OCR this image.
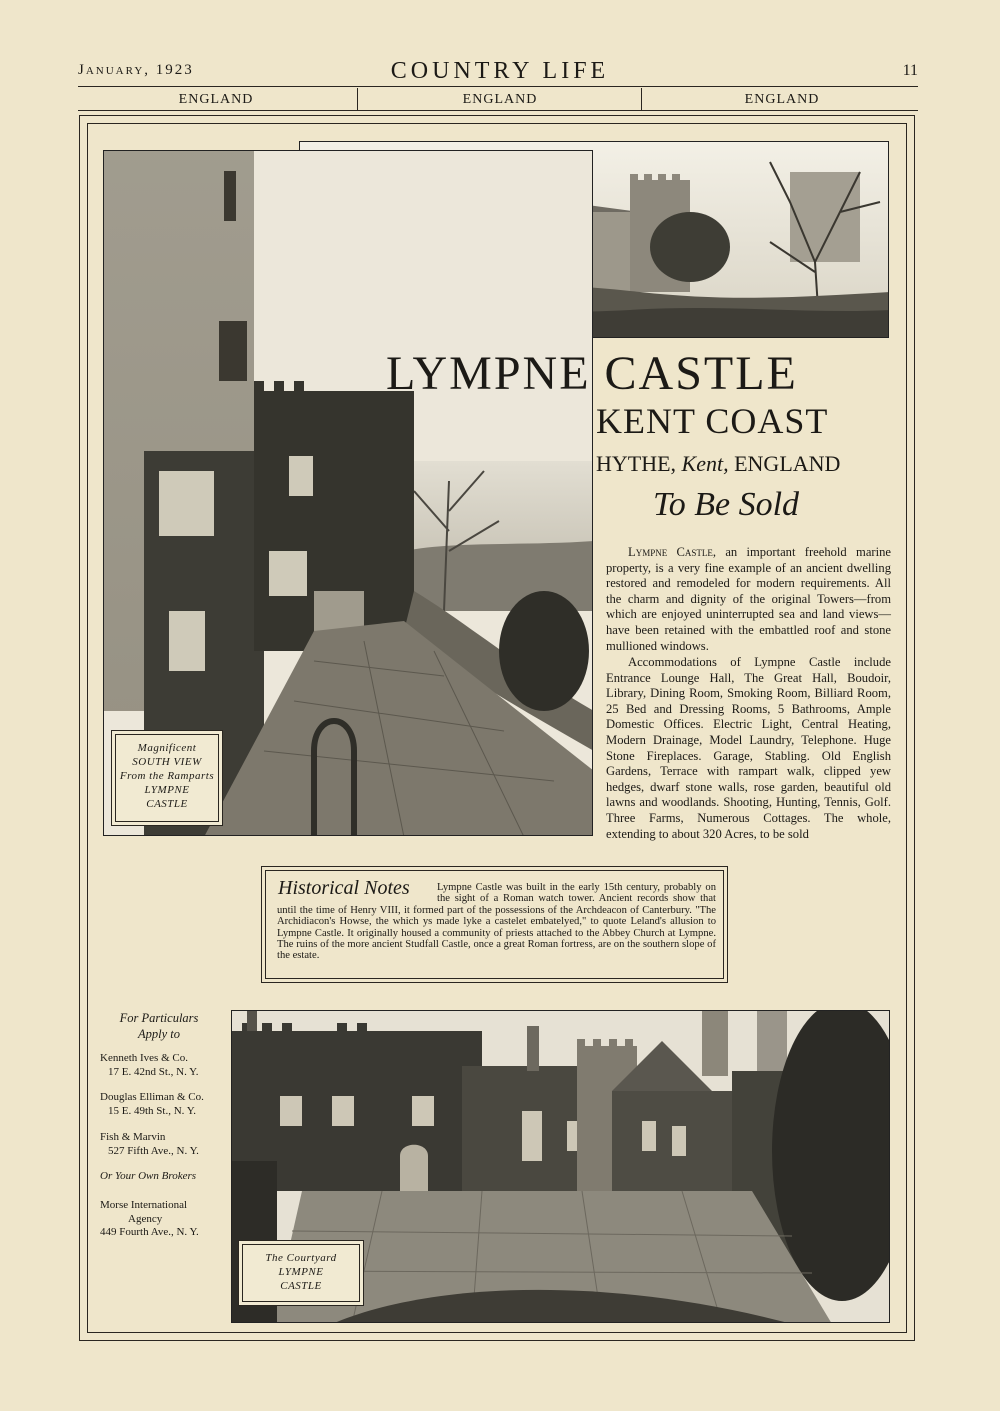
January, 1923	COUNTRY LIFE	11
ENGLAND	ENGLAND	ENGLAND
Magnificent
SOUTH VIEW
From the Ramparts
LYMPNE
CASTLE
LYMPNE CASTLE
KENT COAST
HYTHE, Kent, ENGLAND
To Be Sold

Lympne Castle, an important freehold marine property, is a very fine example of an ancient dwelling restored and remodeled for modern requirements. All the charm and dignity of the original Towers—from which are enjoyed uninterrupted sea and land views—have been retained with the embattled roof and stone mullioned windows.

Accommodations of Lympne Castle include Entrance Lounge Hall, The Great Hall, Boudoir, Library, Dining Room, Smoking Room, Billiard Room, 25 Bed and Dressing Rooms, 5 Bathrooms, Ample Domestic Offices. Electric Light, Central Heating, Modern Drainage, Model Laundry, Telephone. Huge Stone Fireplaces. Garage, Stabling. Old English Gardens, Terrace with rampart walk, clipped yew hedges, dwarf stone walls, rose garden, beautiful old lawns and woodlands. Shooting, Hunting, Tennis, Golf. Three Farms, Numerous Cottages. The whole, extending to about 320 Acres, to be sold

Historical Notes	Lympne Castle was built in the early 15th century, probably on the sight of a Roman watch tower. Ancient records show that until the time of Henry VIII, it formed part of the possessions of the Archdeacon of Canterbury. "The Archidiacon's Howse, the which ys made lyke a castelet embatelyed," to quote Leland's allusion to Lympne Castle. It originally housed a community of priests attached to the Abbey Church at Lympne. The ruins of the more ancient Studfall Castle, once a great Roman fortress, are on the southern slope of the estate.
For Particulars
Apply to
Kenneth Ives & Co.
17 E. 42nd St., N. Y.
Douglas Elliman & Co.
15 E. 49th St., N. Y.
Fish & Marvin
527 Fifth Ave., N. Y.
Or Your Own Brokers
Morse International
Agency
449 Fourth Ave., N. Y.
The Courtyard
LYMPNE
CASTLE
